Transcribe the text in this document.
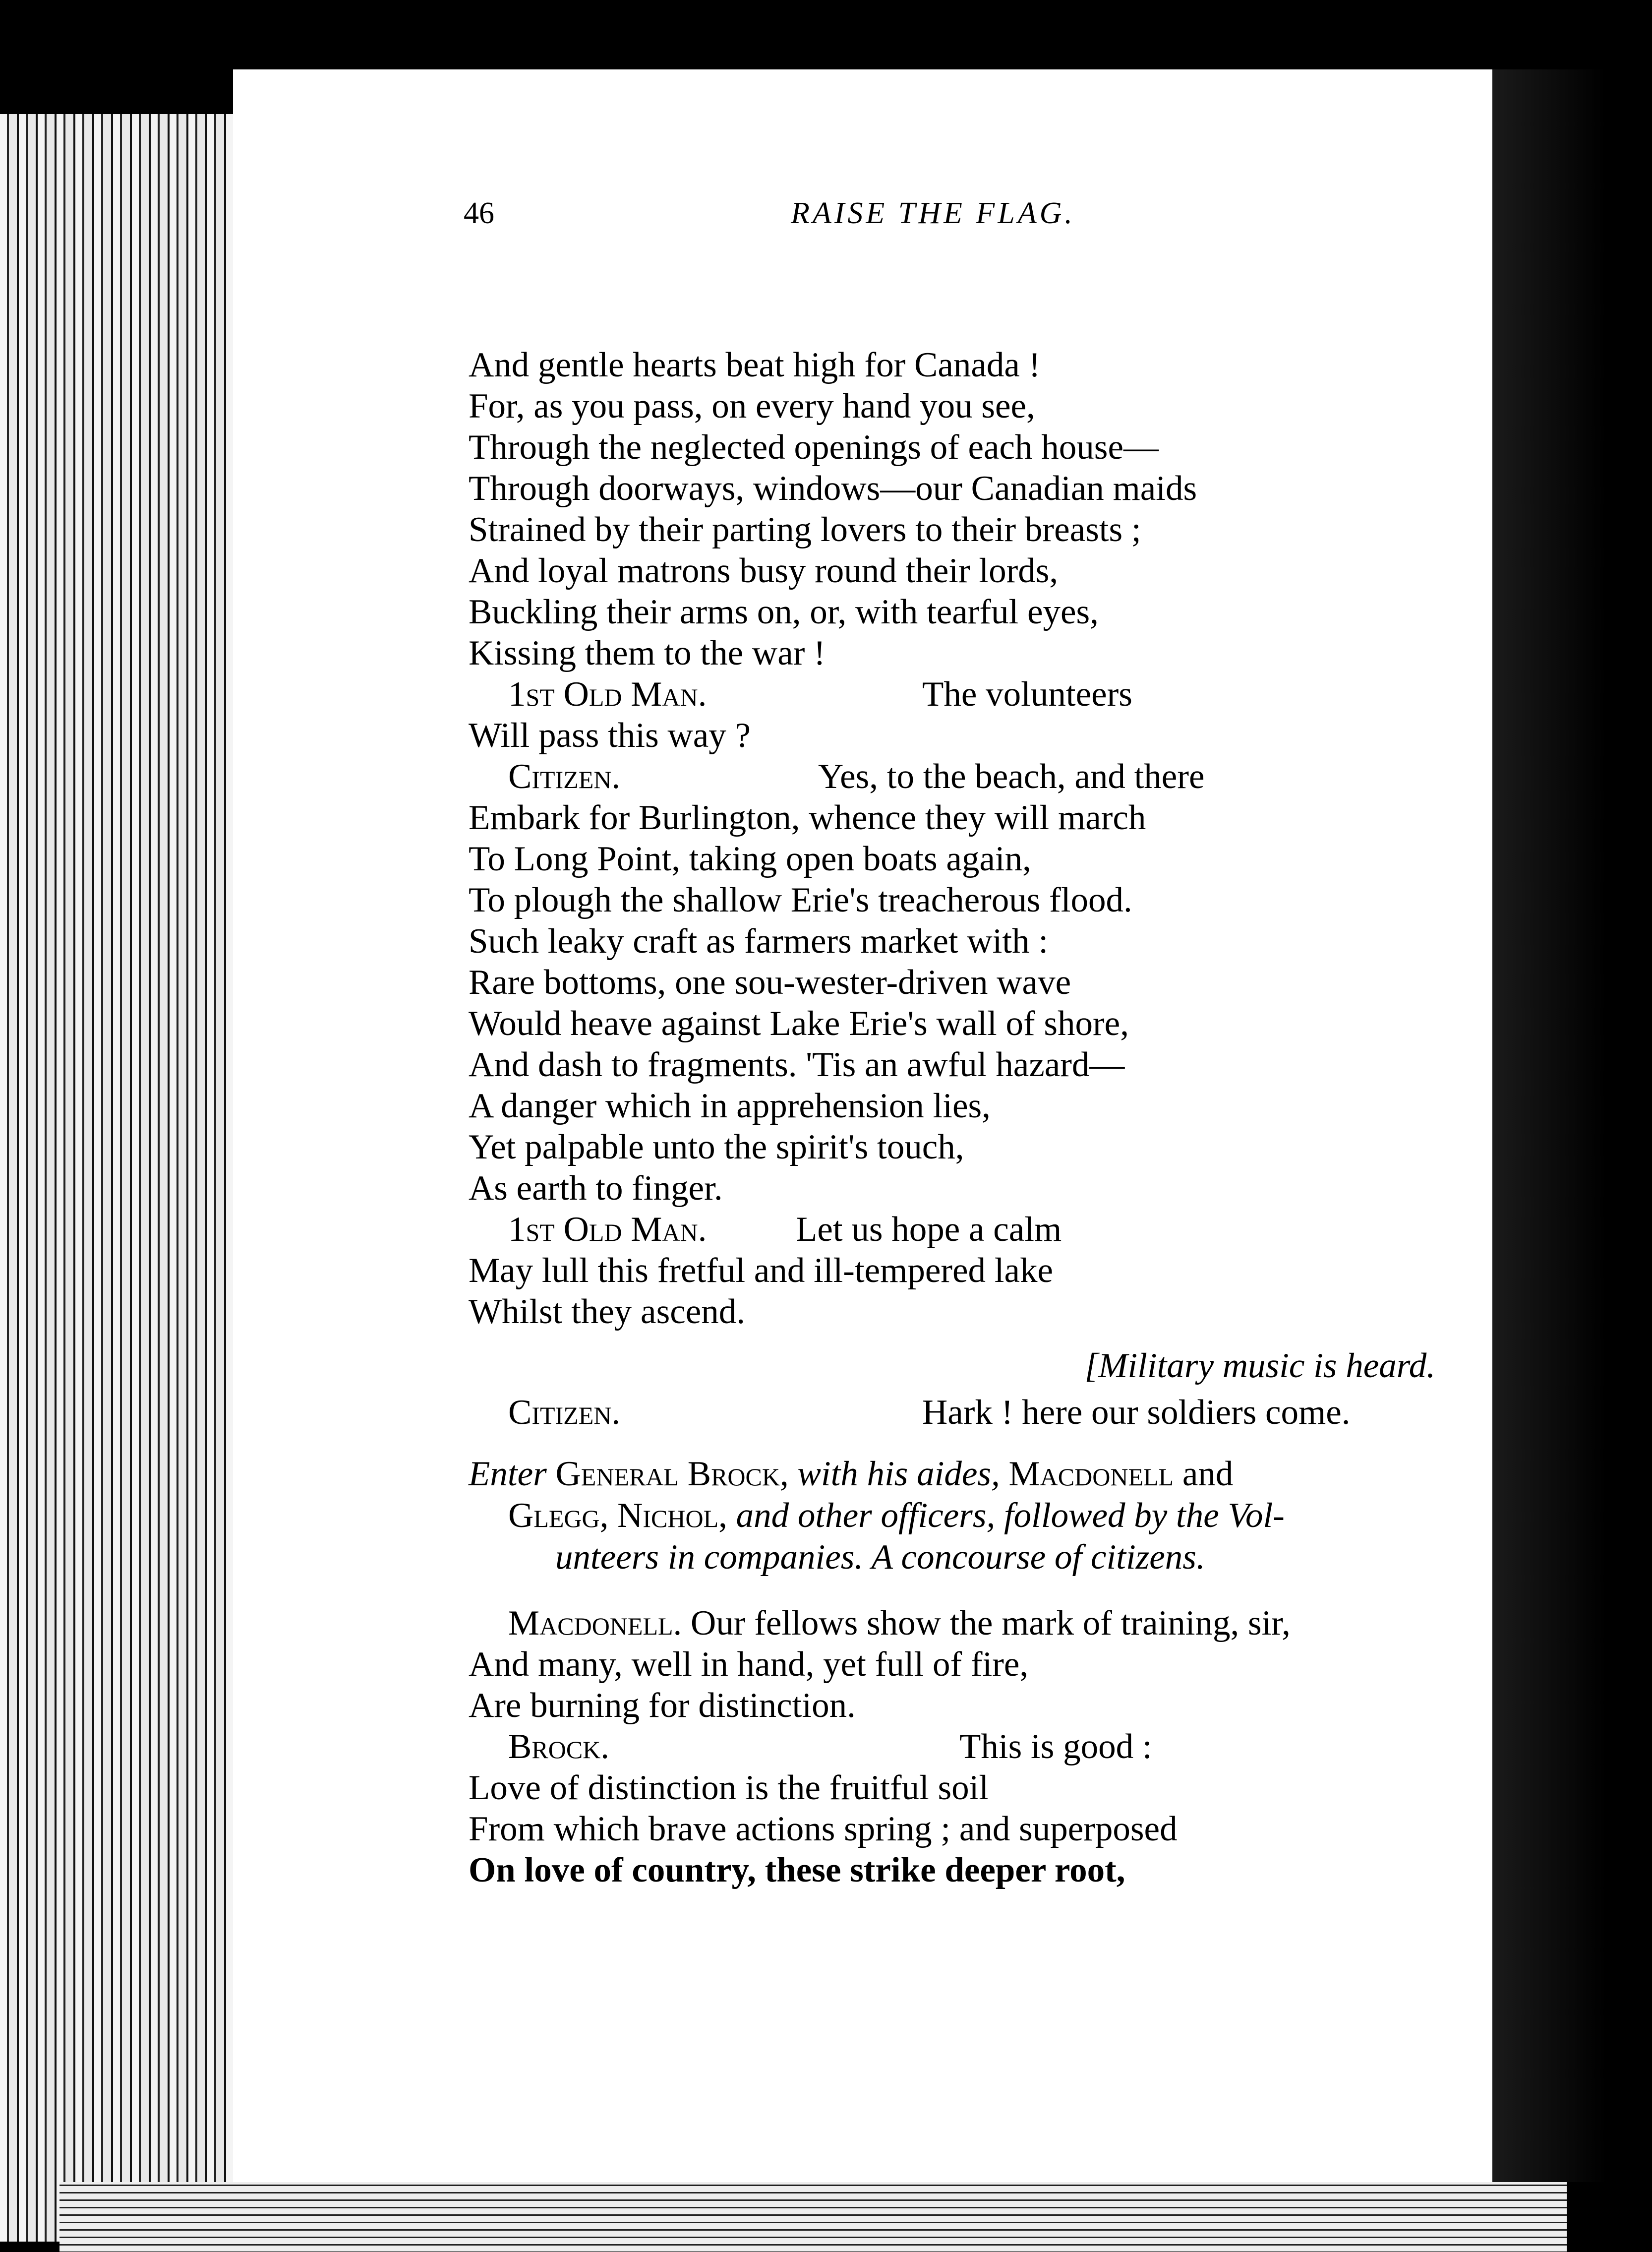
46	RAISE THE FLAG.
And gentle hearts beat high for Canada !
For, as you pass, on every hand you see,
Through the neglected openings of each house—
Through doorways, windows—our Canadian maids
Strained by their parting lovers to their breasts ;
And loyal matrons busy round their lords,
Buckling their arms on, or, with tearful eyes,
Kissing them to the war !
1st Old Man.	The volunteers
Will pass this way ?
Citizen.	Yes, to the beach, and there
Embark for Burlington, whence they will march
To Long Point, taking open boats again,
To plough the shallow Erie's treacherous flood.
Such leaky craft as farmers market with :
Rare bottoms, one sou-wester-driven wave
Would heave against Lake Erie's wall of shore,
And dash to fragments. 'Tis an awful hazard—
A danger which in apprehension lies,
Yet palpable unto the spirit's touch,
As earth to finger.
1st Old Man.	Let us hope a calm
May lull this fretful and ill-tempered lake
Whilst they ascend.
[Military music is heard.
Citizen.	Hark ! here our soldiers come.
Enter General Brock, with his aides, Macdonell and
Glegg, Nichol, and other officers, followed by the Vol-
unteers in companies. A concourse of citizens.
Macdonell. Our fellows show the mark of training, sir,
And many, well in hand, yet full of fire,
Are burning for distinction.
Brock.	This is good :
Love of distinction is the fruitful soil
From which brave actions spring ; and superposed
On love of country, these strike deeper root,
